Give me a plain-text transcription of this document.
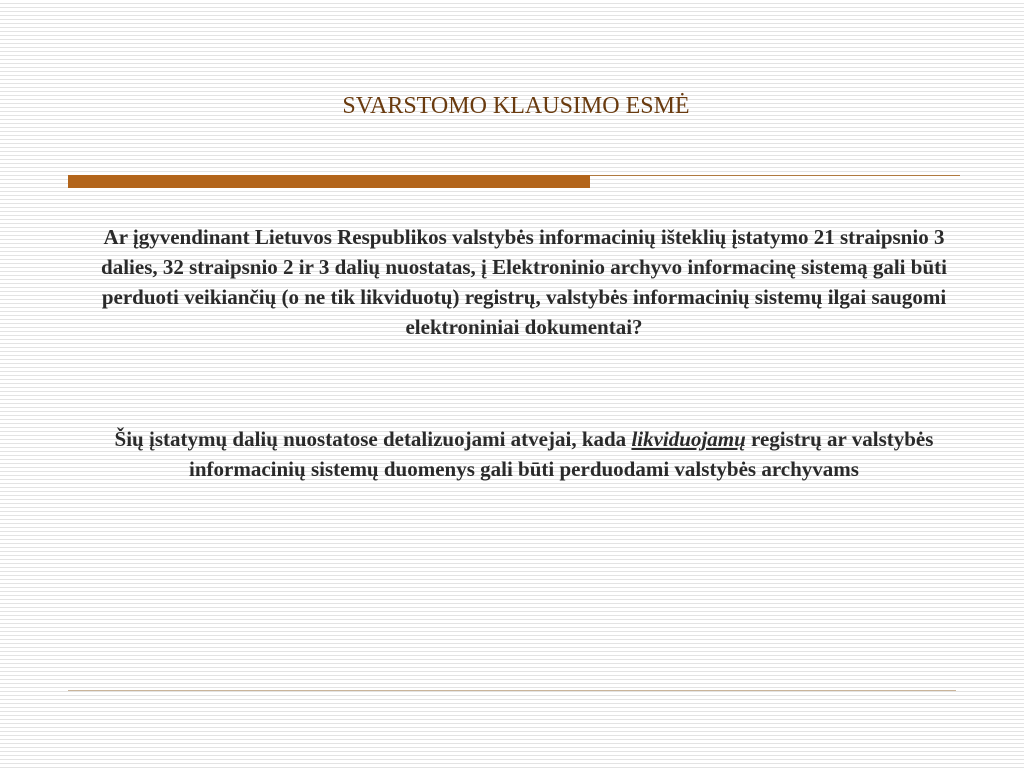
SVARSTOMO KLAUSIMO ESMĖ

Ar įgyvendinant Lietuvos Respublikos valstybės informacinių išteklių įstatymo 21 straipsnio 3 dalies, 32 straipsnio 2 ir 3 dalių nuostatas, į Elektroninio archyvo informacinę sistemą gali būti perduoti veikiančių (o ne tik likviduotų) registrų, valstybės informacinių sistemų ilgai saugomi elektroniniai dokumentai?

Šių įstatymų dalių nuostatose detalizuojami atvejai, kada likviduojamų registrų ar valstybės informacinių sistemų duomenys gali būti perduodami valstybės archyvams
